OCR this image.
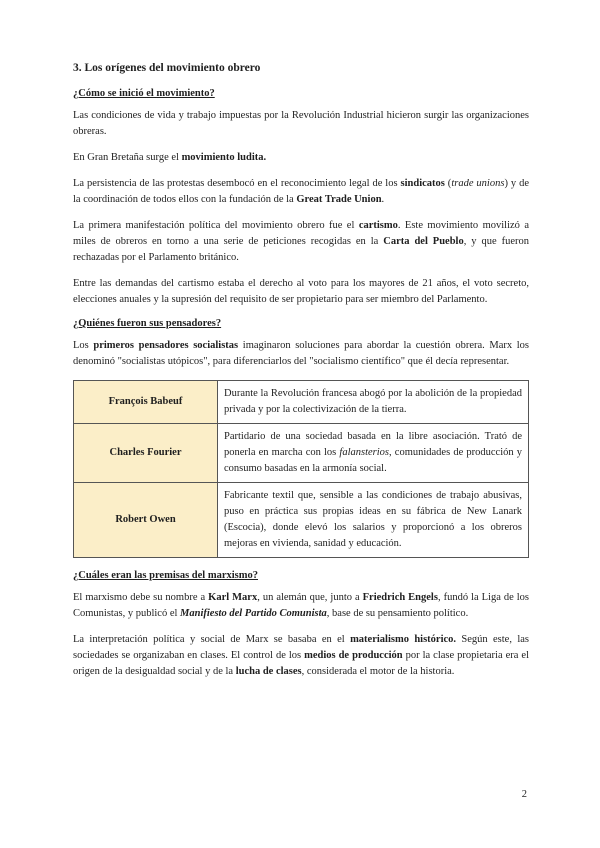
3. Los orígenes del movimiento obrero
¿Cómo se inició el movimiento?

Las condiciones de vida y trabajo impuestas por la Revolución Industrial hicieron surgir las organizaciones obreras.

En Gran Bretaña surge el movimiento ludita.

La persistencia de las protestas desembocó en el reconocimiento legal de los sindicatos (trade unions) y de la coordinación de todos ellos con la fundación de la Great Trade Union.

La primera manifestación política del movimiento obrero fue el cartismo. Este movimiento movilizó a miles de obreros en torno a una serie de peticiones recogidas en la Carta del Pueblo, y que fueron rechazadas por el Parlamento británico.

Entre las demandas del cartismo estaba el derecho al voto para los mayores de 21 años, el voto secreto, elecciones anuales y la supresión del requisito de ser propietario para ser miembro del Parlamento.

¿Quiénes fueron sus pensadores?

Los primeros pensadores socialistas imaginaron soluciones para abordar la cuestión obrera. Marx los denominó "socialistas utópicos", para diferenciarlos del "socialismo científico" que él decía representar.

François Babeuf	Durante la Revolución francesa abogó por la abolición de la propiedad privada y por la colectivización de la tierra.
Charles Fourier	Partidario de una sociedad basada en la libre asociación. Trató de ponerla en marcha con los falansterios, comunidades de producción y consumo basadas en la armonía social.
Robert Owen	Fabricante textil que, sensible a las condiciones de trabajo abusivas, puso en práctica sus propias ideas en su fábrica de New Lanark (Escocia), donde elevó los salarios y proporcionó a los obreros mejoras en vivienda, sanidad y educación.
¿Cuáles eran las premisas del marxismo?

El marxismo debe su nombre a Karl Marx, un alemán que, junto a Friedrich Engels, fundó la Liga de los Comunistas, y publicó el Manifiesto del Partido Comunista, base de su pensamiento político.

La interpretación política y social de Marx se basaba en el materialismo histórico. Según este, las sociedades se organizaban en clases. El control de los medios de producción por la clase propietaria era el origen de la desigualdad social y de la lucha de clases, considerada el motor de la historia.

2
